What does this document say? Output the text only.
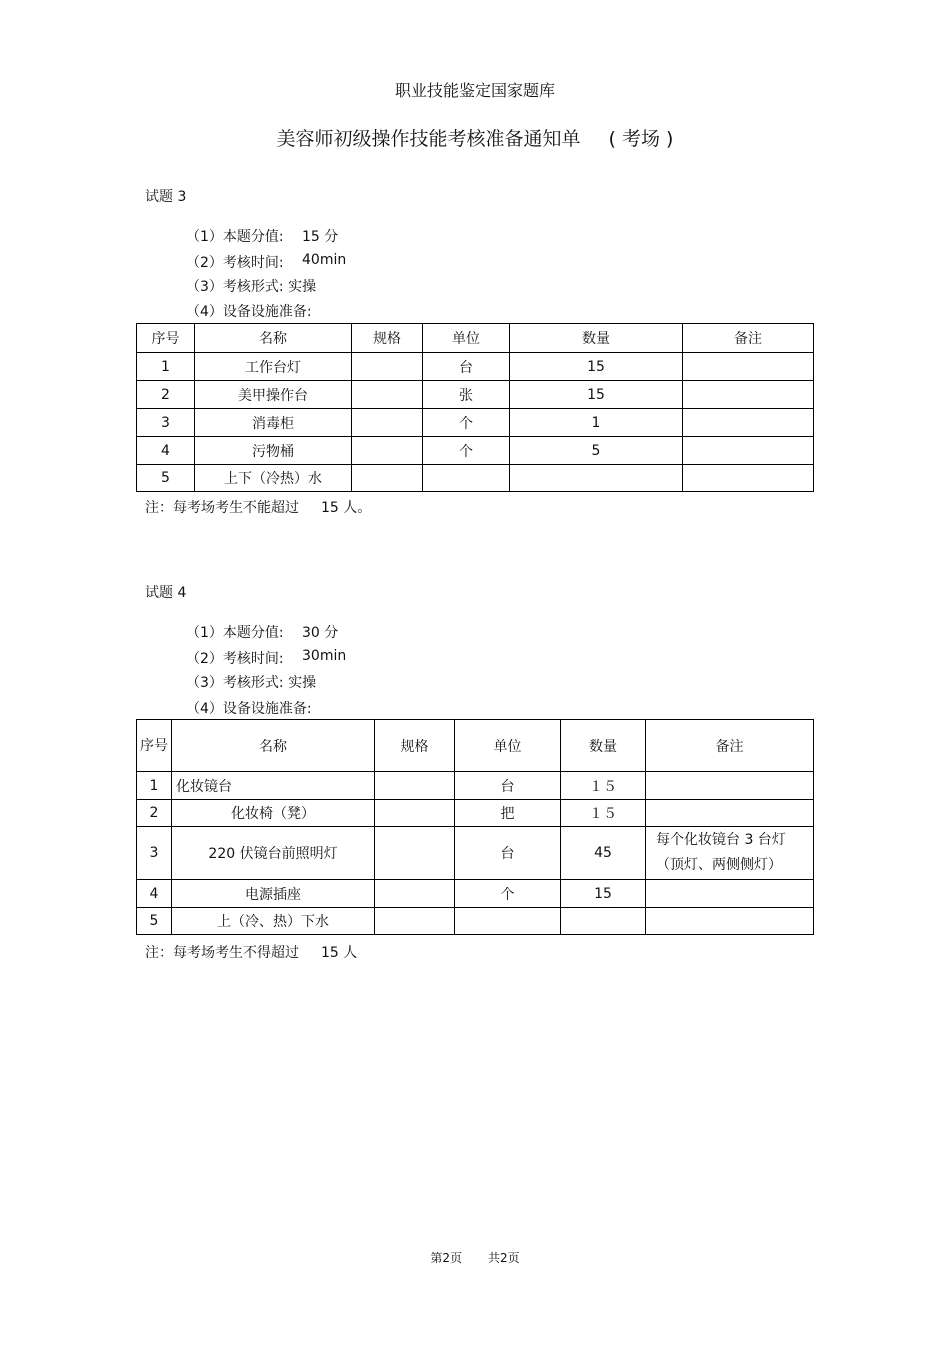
职业技能鉴定国家题库
美容师初级操作技能考核准备通知单 ( 考场 )
试题 3
（1）本题分值: 15 分
（2）考核时间: 40min
（3）考核形式: 实操
（4）设备设施准备:
序号	名称	规格	单位	数量	备注
1	工作台灯		台	15	
2	美甲操作台		张	15	
3	消毒柜		个	1	
4	污物桶		个	5	
5	上下（冷热）水				
注：每考场考生不能超过 15 人。
试题 4
（1）本题分值: 30 分
（2）考核时间: 30min
（3）考核形式: 实操
（4）设备设施准备:
序号	名称	规格	单位	数量	备注
1	化妆镜台		台	１５	
2	化妆椅（凳）		把	１５	
3	220 伏镜台前照明灯		台	45	每个化妆镜台 3 台灯（顶灯、两侧侧灯）
4	电源插座		个	15	
5	上（冷、热）下水				
注：每考场考生不得超过 15 人
第2页 共2页
